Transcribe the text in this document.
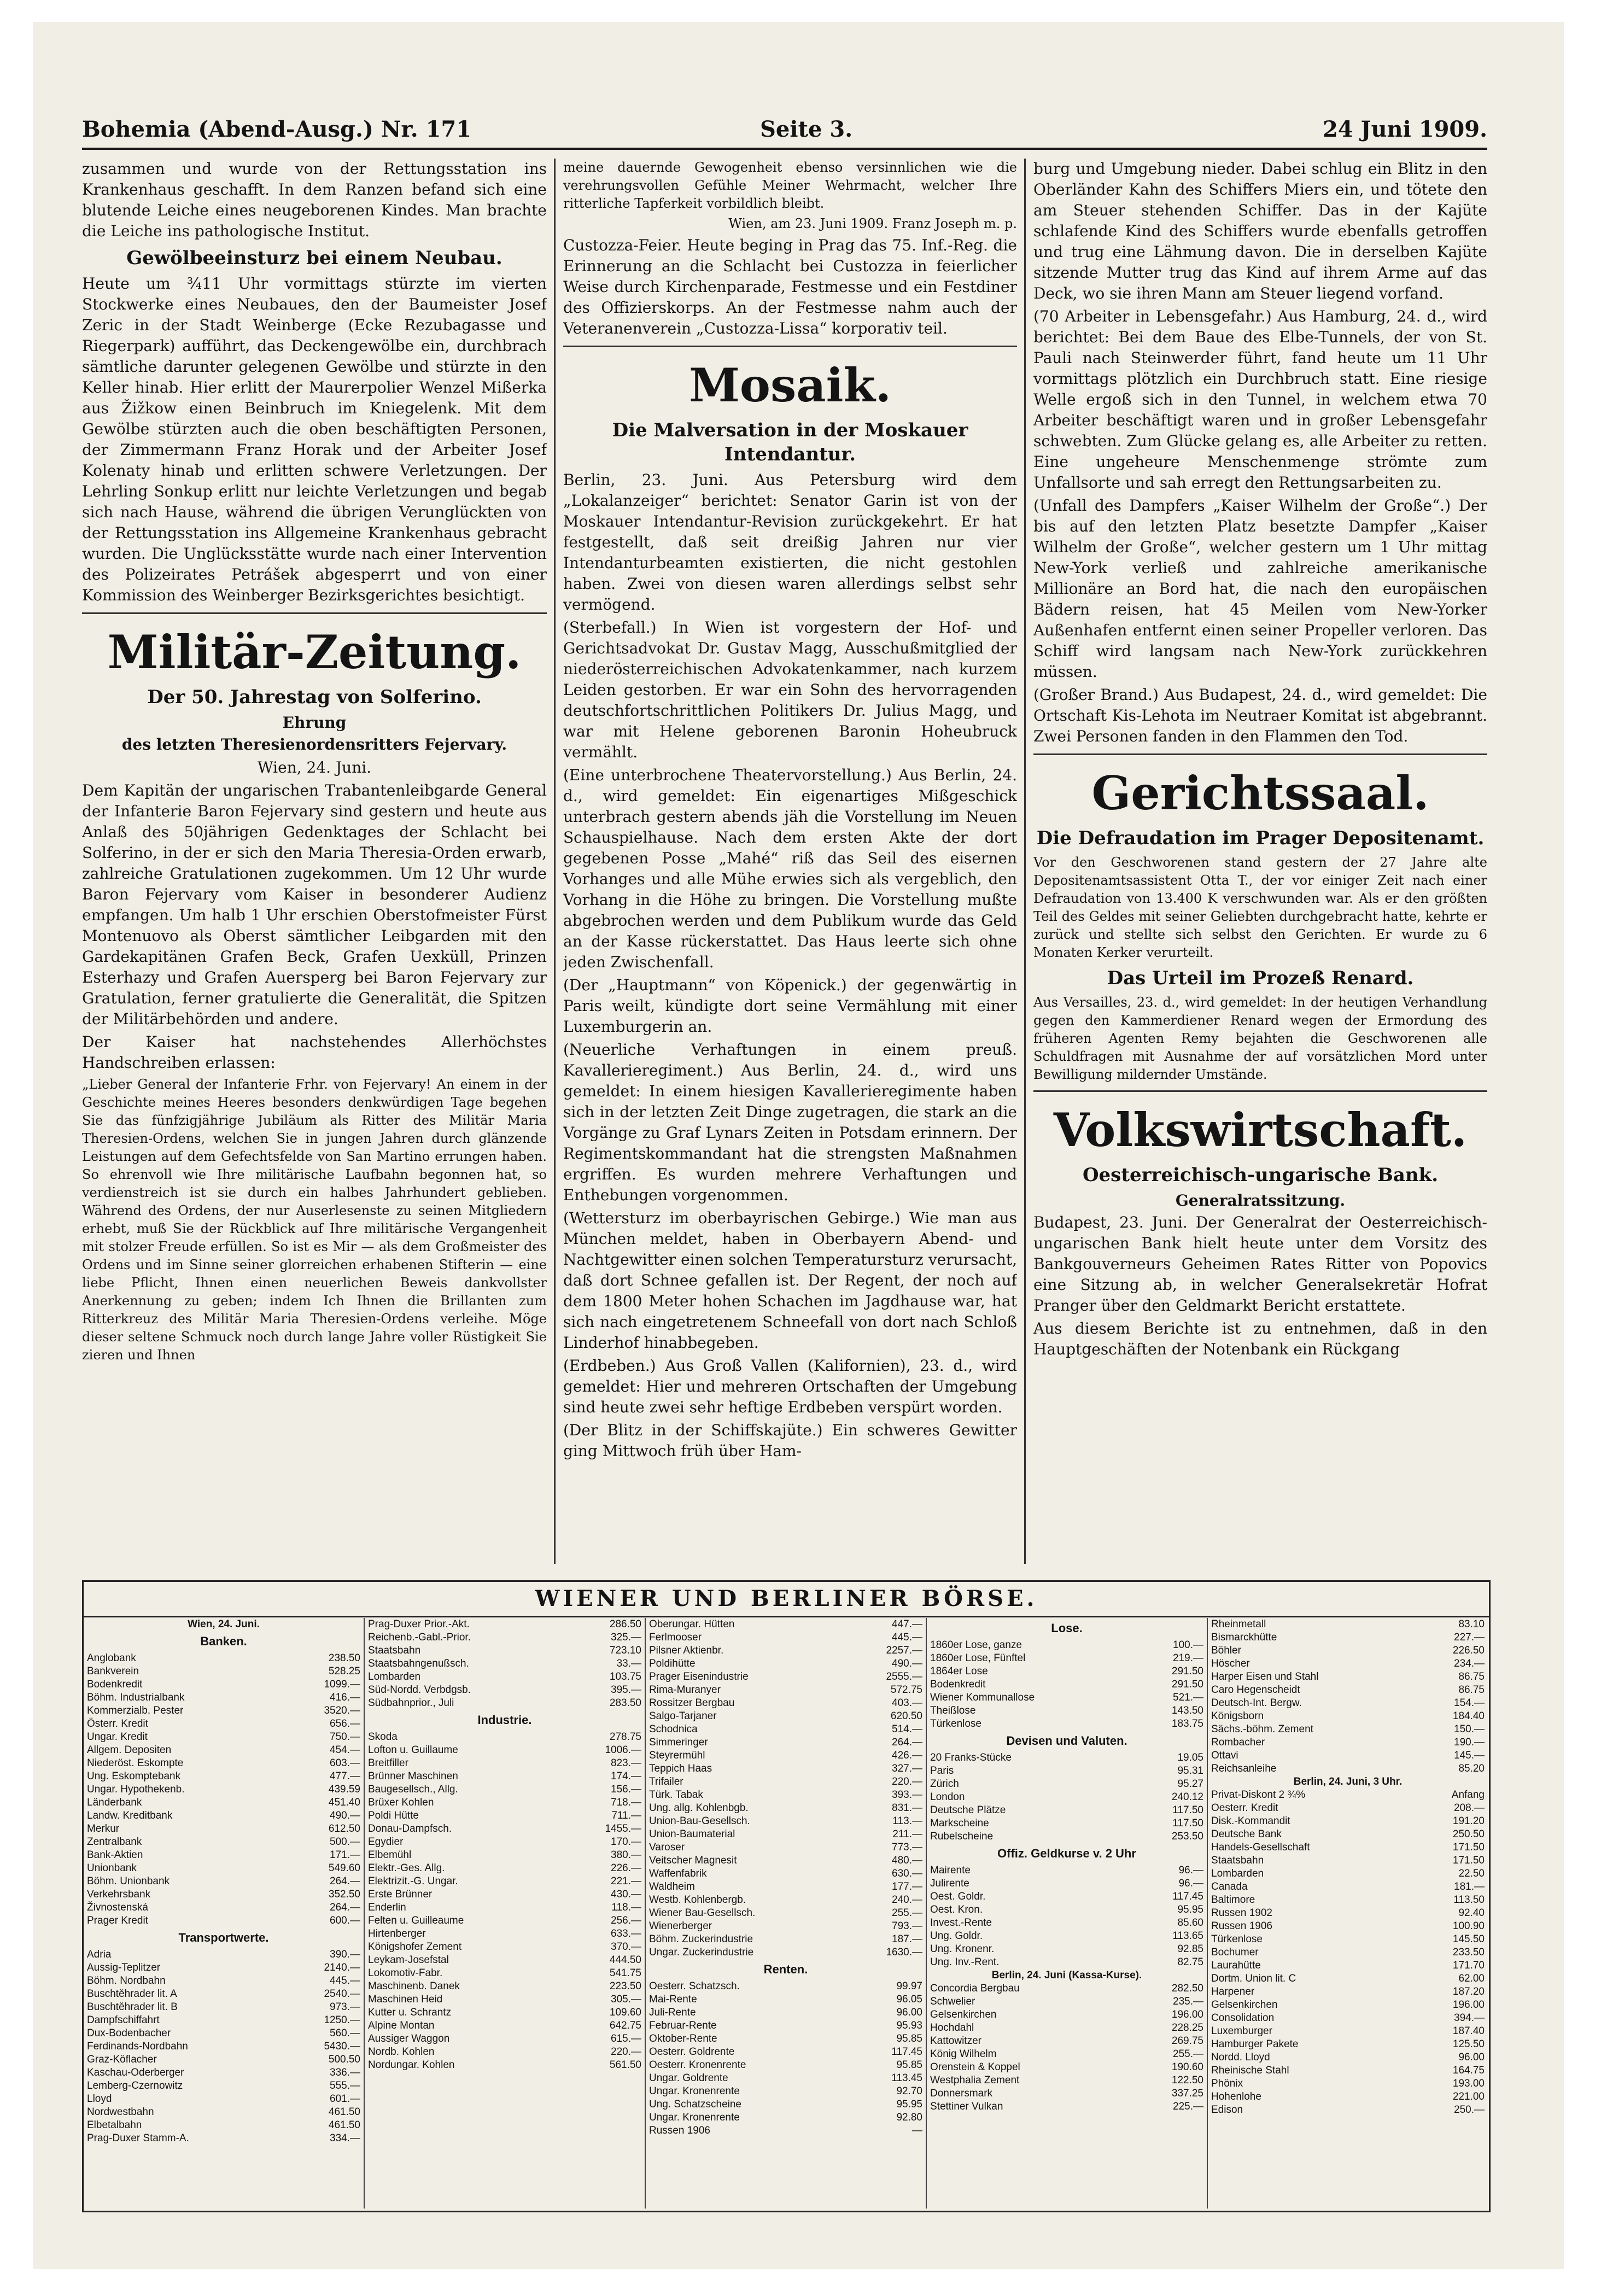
Bohemia (Abend-Ausg.) Nr. 171	Seite 3.	24 Juni 1909.

zusammen und wurde von der Rettungsstation ins Krankenhaus geschafft. In dem Ranzen befand sich eine blutende Leiche eines neugeborenen Kindes. Man brachte die Leiche ins pathologische Institut.

Gewölbeeinsturz bei einem Neubau.

Heute um ¾11 Uhr vormittags stürzte im vierten Stockwerke eines Neubaues, den der Baumeister Josef Zeric in der Stadt Weinberge (Ecke Rezubagasse und Riegerpark) aufführt, das Deckengewölbe ein, durchbrach sämtliche darunter gelegenen Gewölbe und stürzte in den Keller hinab. Hier erlitt der Maurerpolier Wenzel Mißerka aus Žižkow einen Beinbruch im Kniegelenk. Mit dem Gewölbe stürzten auch die oben beschäftigten Personen, der Zimmermann Franz Horak und der Arbeiter Josef Kolenaty hinab und erlitten schwere Verletzungen. Der Lehrling Sonkup erlitt nur leichte Verletzungen und begab sich nach Hause, während die übrigen Verunglückten von der Rettungsstation ins Allgemeine Krankenhaus gebracht wurden. Die Unglücksstätte wurde nach einer Intervention des Polizeirates Petrášek abgesperrt und von einer Kommission des Weinberger Bezirksgerichtes besichtigt.

Militär-Zeitung.
Der 50. Jahrestag von Solferino.
Ehrung
des letzten Theresienordensritters Fejervary.
Wien, 24. Juni.

Dem Kapitän der ungarischen Trabantenleibgarde General der Infanterie Baron Fejervary sind gestern und heute aus Anlaß des 50jährigen Gedenktages der Schlacht bei Solferino, in der er sich den Maria Theresia-Orden erwarb, zahlreiche Gratulationen zugekommen. Um 12 Uhr wurde Baron Fejervary vom Kaiser in besonderer Audienz empfangen. Um halb 1 Uhr erschien Oberstofmeister Fürst Montenuovo als Oberst sämtlicher Leibgarden mit den Gardekapitänen Grafen Beck, Grafen Uexküll, Prinzen Esterhazy und Grafen Auersperg bei Baron Fejervary zur Gratulation, ferner gratulierte die Generalität, die Spitzen der Militärbehörden und andere.

Der Kaiser hat nachstehendes Allerhöchstes Handschreiben erlassen:

„Lieber General der Infanterie Frhr. von Fejervary! An einem in der Geschichte meines Heeres besonders denkwürdigen Tage begehen Sie das fünfzigjährige Jubiläum als Ritter des Militär Maria Theresien-Ordens, welchen Sie in jungen Jahren durch glänzende Leistungen auf dem Gefechtsfelde von San Martino errungen haben. So ehrenvoll wie Ihre militärische Laufbahn begonnen hat, so verdienstreich ist sie durch ein halbes Jahrhundert geblieben. Während des Ordens, der nur Auserlesenste zu seinen Mitgliedern erhebt, muß Sie der Rückblick auf Ihre militärische Vergangenheit mit stolzer Freude erfüllen. So ist es Mir — als dem Großmeister des Ordens und im Sinne seiner glorreichen erhabenen Stifterin — eine liebe Pflicht, Ihnen einen neuerlichen Beweis dankvollster Anerkennung zu geben; indem Ich Ihnen die Brillanten zum Ritterkreuz des Militär Maria Theresien-Ordens verleihe. Möge dieser seltene Schmuck noch durch lange Jahre voller Rüstigkeit Sie zieren und Ihnen

meine dauernde Gewogenheit ebenso versinnlichen wie die verehrungsvollen Gefühle Meiner Wehrmacht, welcher Ihre ritterliche Tapferkeit vorbildlich bleibt.

Wien, am 23. Juni 1909. Franz Joseph m. p.

Custozza-Feier. Heute beging in Prag das 75. Inf.-Reg. die Erinnerung an die Schlacht bei Custozza in feierlicher Weise durch Kirchenparade, Festmesse und ein Festdiner des Offizierskorps. An der Festmesse nahm auch der Veteranenverein „Custozza-Lissa“ korporativ teil.

Mosaik.
Die Malversation in der Moskauer Intendantur.

Berlin, 23. Juni. Aus Petersburg wird dem „Lokalanzeiger“ berichtet: Senator Garin ist von der Moskauer Intendantur-Revision zurückgekehrt. Er hat festgestellt, daß seit dreißig Jahren nur vier Intendanturbeamten existierten, die nicht gestohlen haben. Zwei von diesen waren allerdings selbst sehr vermögend.

(Sterbefall.) In Wien ist vorgestern der Hof- und Gerichtsadvokat Dr. Gustav Magg, Ausschußmitglied der niederösterreichischen Advokatenkammer, nach kurzem Leiden gestorben. Er war ein Sohn des hervorragenden deutschfortschrittlichen Politikers Dr. Julius Magg, und war mit Helene geborenen Baronin Hoheubruck vermählt.

(Eine unterbrochene Theatervorstellung.) Aus Berlin, 24. d., wird gemeldet: Ein eigenartiges Mißgeschick unterbrach gestern abends jäh die Vorstellung im Neuen Schauspielhause. Nach dem ersten Akte der dort gegebenen Posse „Mahé“ riß das Seil des eisernen Vorhanges und alle Mühe erwies sich als vergeblich, den Vorhang in die Höhe zu bringen. Die Vorstellung mußte abgebrochen werden und dem Publikum wurde das Geld an der Kasse rückerstattet. Das Haus leerte sich ohne jeden Zwischenfall.

(Der „Hauptmann“ von Köpenick.) der gegenwärtig in Paris weilt, kündigte dort seine Vermählung mit einer Luxemburgerin an.

(Neuerliche Verhaftungen in einem preuß. Kavallerieregiment.) Aus Berlin, 24. d., wird uns gemeldet: In einem hiesigen Kavallerieregimente haben sich in der letzten Zeit Dinge zugetragen, die stark an die Vorgänge zu Graf Lynars Zeiten in Potsdam erinnern. Der Regimentskommandant hat die strengsten Maßnahmen ergriffen. Es wurden mehrere Verhaftungen und Enthebungen vorgenommen.

(Wettersturz im oberbayrischen Gebirge.) Wie man aus München meldet, haben in Oberbayern Abend- und Nachtgewitter einen solchen Temperatursturz verursacht, daß dort Schnee gefallen ist. Der Regent, der noch auf dem 1800 Meter hohen Schachen im Jagdhause war, hat sich nach eingetretenem Schneefall von dort nach Schloß Linderhof hinabbegeben.

(Erdbeben.) Aus Groß Vallen (Kalifornien), 23. d., wird gemeldet: Hier und mehreren Ortschaften der Umgebung sind heute zwei sehr heftige Erdbeben verspürt worden.

(Der Blitz in der Schiffskajüte.) Ein schweres Gewitter ging Mittwoch früh über Ham-

burg und Umgebung nieder. Dabei schlug ein Blitz in den Oberländer Kahn des Schiffers Miers ein, und tötete den am Steuer stehenden Schiffer. Das in der Kajüte schlafende Kind des Schiffers wurde ebenfalls getroffen und trug eine Lähmung davon. Die in derselben Kajüte sitzende Mutter trug das Kind auf ihrem Arme auf das Deck, wo sie ihren Mann am Steuer liegend vorfand.

(70 Arbeiter in Lebensgefahr.) Aus Hamburg, 24. d., wird berichtet: Bei dem Baue des Elbe-Tunnels, der von St. Pauli nach Steinwerder führt, fand heute um 11 Uhr vormittags plötzlich ein Durchbruch statt. Eine riesige Welle ergoß sich in den Tunnel, in welchem etwa 70 Arbeiter beschäftigt waren und in großer Lebensgefahr schwebten. Zum Glücke gelang es, alle Arbeiter zu retten. Eine ungeheure Menschenmenge strömte zum Unfallsorte und sah erregt den Rettungsarbeiten zu.

(Unfall des Dampfers „Kaiser Wilhelm der Große“.) Der bis auf den letzten Platz besetzte Dampfer „Kaiser Wilhelm der Große“, welcher gestern um 1 Uhr mittag New-York verließ und zahlreiche amerikanische Millionäre an Bord hat, die nach den europäischen Bädern reisen, hat 45 Meilen vom New-Yorker Außenhafen entfernt einen seiner Propeller verloren. Das Schiff wird langsam nach New-York zurückkehren müssen.

(Großer Brand.) Aus Budapest, 24. d., wird gemeldet: Die Ortschaft Kis-Lehota im Neutraer Komitat ist abgebrannt. Zwei Personen fanden in den Flammen den Tod.

Gerichtssaal.
Die Defraudation im Prager Depositenamt.

Vor den Geschworenen stand gestern der 27 Jahre alte Depositenamtsassistent Otta T., der vor einiger Zeit nach einer Defraudation von 13.400 K verschwunden war. Als er den größten Teil des Geldes mit seiner Geliebten durchgebracht hatte, kehrte er zurück und stellte sich selbst den Gerichten. Er wurde zu 6 Monaten Kerker verurteilt.

Das Urteil im Prozeß Renard.

Aus Versailles, 23. d., wird gemeldet: In der heutigen Verhandlung gegen den Kammerdiener Renard wegen der Ermordung des früheren Agenten Remy bejahten die Geschworenen alle Schuldfragen mit Ausnahme der auf vorsätzlichen Mord unter Bewilligung mildernder Umstände.

Volkswirtschaft.
Oesterreichisch-ungarische Bank.
Generalratssitzung.

Budapest, 23. Juni. Der Generalrat der Oesterreichisch-ungarischen Bank hielt heute unter dem Vorsitz des Bankgouverneurs Geheimen Rates Ritter von Popovics eine Sitzung ab, in welcher Generalsekretär Hofrat Pranger über den Geldmarkt Bericht erstattete.

Aus diesem Berichte ist zu entnehmen, daß in den Hauptgeschäften der Notenbank ein Rückgang

WIENER UND BERLINER BÖRSE.
Wien, 24. Juni.
Banken.
Anglobank	238.50
Bankverein	528.25
Bodenkredit	1099.—
Böhm. Industrialbank	416.—
Kommerzialb. Pester	3520.—
Österr. Kredit	656.—
Ungar. Kredit	750.—
Allgem. Depositen	454.—
Niederöst. Eskompte	603.—
Ung. Eskomptebank	477.—
Ungar. Hypothekenb.	439.59
Länderbank	451.40
Landw. Kreditbank	490.—
Merkur	612.50
Zentralbank	500.—
Bank-Aktien	171.—
Unionbank	549.60
Böhm. Unionbank	264.—
Verkehrsbank	352.50
Živnostenská	264.—
Prager Kredit	600.—
Transportwerte.
Adria	390.—
Aussig-Teplitzer	2140.—
Böhm. Nordbahn	445.—
Buschtěhrader lit. A	2540.—
Buschtěhrader lit. B	973.—
Dampfschiffahrt	1250.—
Dux-Bodenbacher	560.—
Ferdinands-Nordbahn	5430.—
Graz-Köflacher	500.50
Kaschau-Oderberger	336.—
Lemberg-Czernowitz	555.—
Lloyd	601.—
Nordwestbahn	461.50
Elbetalbahn	461.50
Prag-Duxer Stamm-A.	334.—
Prag-Duxer Prior.-Akt.	286.50
Reichenb.-Gabl.-Prior.	325.—
Staatsbahn	723.10
Staatsbahngenußsch.	33.—
Lombarden	103.75
Süd-Nordd. Verbdgsb.	395.—
Südbahnprior., Juli	283.50
Industrie.
Skoda	278.75
Lofton u. Guillaume	1006.—
Breitfiller	823.—
Brünner Maschinen	174.—
Baugesellsch., Allg.	156.—
Brüxer Kohlen	718.—
Poldi Hütte	711.—
Donau-Dampfsch.	1455.—
Egydier	170.—
Elbemühl	380.—
Elektr.-Ges. Allg.	226.—
Elektrizit.-G. Ungar.	221.—
Erste Brünner	430.—
Enderlin	118.—
Felten u. Guilleaume	256.—
Hirtenberger	633.—
Königshofer Zement	370.—
Leykam-Josefstal	444.50
Lokomotiv-Fabr.	541.75
Maschinenb. Danek	223.50
Maschinen Heid	305.—
Kutter u. Schrantz	109.60
Alpine Montan	642.75
Aussiger Waggon	615.—
Nordb. Kohlen	220.—
Nordungar. Kohlen	561.50
Oberungar. Hütten	447.—
Ferlmooser	445.—
Pilsner Aktienbr.	2257.—
Poldihütte	490.—
Prager Eisenindustrie	2555.—
Rima-Muranyer	572.75
Rossitzer Bergbau	403.—
Salgo-Tarjaner	620.50
Schodnica	514.—
Simmeringer	264.—
Steyrermühl	426.—
Teppich Haas	327.—
Trifailer	220.—
Türk. Tabak	393.—
Ung. allg. Kohlenbgb.	831.—
Union-Bau-Gesellsch.	113.—
Union-Baumaterial	211.—
Varoser	773.—
Veitscher Magnesit	480.—
Waffenfabrik	630.—
Waldheim	177.—
Westb. Kohlenbergb.	240.—
Wiener Bau-Gesellsch.	255.—
Wienerberger	793.—
Böhm. Zuckerindustrie	187.—
Ungar. Zuckerindustrie	1630.—
Renten.
Oesterr. Schatzsch.	99.97
Mai-Rente	96.05
Juli-Rente	96.00
Februar-Rente	95.93
Oktober-Rente	95.85
Oesterr. Goldrente	117.45
Oesterr. Kronenrente	95.85
Ungar. Goldrente	113.45
Ungar. Kronenrente	92.70
Ung. Schatzscheine	95.95
Ungar. Kronenrente	92.80
Russen 1906	—
Lose.
1860er Lose, ganze	100.—
1860er Lose, Fünftel	219.—
1864er Lose	291.50
Bodenkredit	291.50
Wiener Kommunallose	521.—
Theißlose	143.50
Türkenlose	183.75
Devisen und Valuten.
20 Franks-Stücke	19.05
Paris	95.31
Zürich	95.27
London	240.12
Deutsche Plätze	117.50
Markscheine	117.50
Rubelscheine	253.50
Offiz. Geldkurse v. 2 Uhr
Mairente	96.—
Julirente	96.—
Oest. Goldr.	117.45
Oest. Kron.	95.95
Invest.-Rente	85.60
Ung. Goldr.	113.65
Ung. Kronenr.	92.85
Ung. Inv.-Rent.	82.75
Berlin, 24. Juni (Kassa-Kurse).
Concordia Bergbau	282.50
Schwelier	235.—
Gelsenkirchen	196.00
Hochdahl	228.25
Kattowitzer	269.75
König Wilhelm	255.—
Orenstein & Koppel	190.60
Westphalia Zement	122.50
Donnersmark	337.25
Stettiner Vulkan	225.—
Rheinmetall	83.10
Bismarckhütte	227.—
Böhler	226.50
Höscher	234.—
Harper Eisen und Stahl	86.75
Caro Hegenscheidt	86.75
Deutsch-Int. Bergw.	154.—
Königsborn	184.40
Sächs.-böhm. Zement	150.—
Rombacher	190.—
Ottavi	145.—
Reichsanleihe	85.20
Berlin, 24. Juni, 3 Uhr.
Privat-Diskont 2 ¾%	Anfang
Oesterr. Kredit	208.—
Disk.-Kommandit	191.20
Deutsche Bank	250.50
Handels-Gesellschaft	171.50
Staatsbahn	171.50
Lombarden	22.50
Canada	181.—
Baltimore	113.50
Russen 1902	92.40
Russen 1906	100.90
Türkenlose	145.50
Bochumer	233.50
Laurahütte	171.70
Dortm. Union lit. C	62.00
Harpener	187.20
Gelsenkirchen	196.00
Consolidation	394.—
Luxemburger	187.40
Hamburger Pakete	125.50
Nordd. Lloyd	96.00
Rheinische Stahl	164.75
Phönix	193.00
Hohenlohe	221.00
Edison	250.—
